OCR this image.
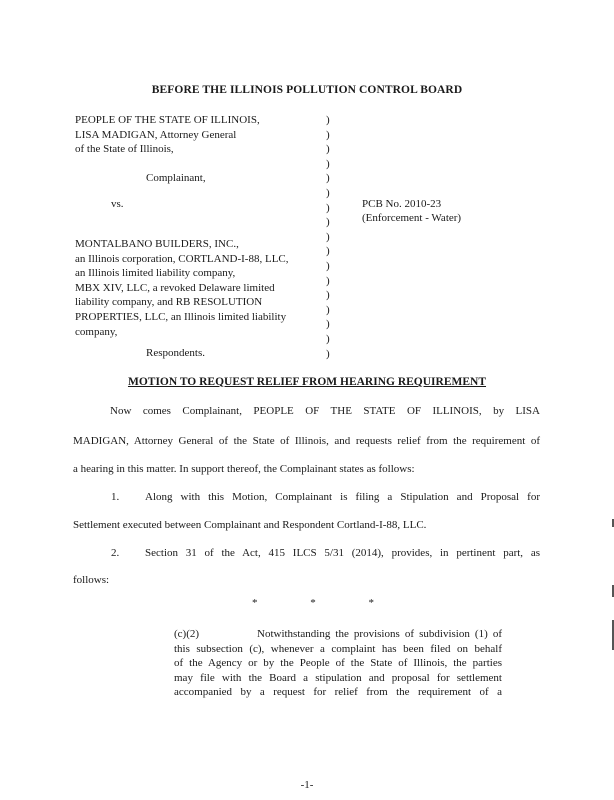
BEFORE THE ILLINOIS POLLUTION CONTROL BOARD
PEOPLE OF THE STATE OF ILLINOIS,
LISA MADIGAN, Attorney General
of the State of Illinois,
Complainant,
vs.
MONTALBANO BUILDERS, INC.,
an Illinois corporation, CORTLAND-I-88, LLC,
an Illinois limited liability company,
MBX XIV, LLC, a revoked Delaware limited
liability company, and RB RESOLUTION
PROPERTIES, LLC, an Illinois limited liability
company,
Respondents.
)
)
)
)
)
)
)
)
)
)
)
)
)
)
)
)
)
PCB No. 2010-23
(Enforcement - Water)
MOTION TO REQUEST RELIEF FROM HEARING REQUIREMENT
Now comes Complainant, PEOPLE OF THE STATE OF ILLINOIS, by LISA
MADIGAN, Attorney General of the State of Illinois, and requests relief from the requirement of
a hearing in this matter. In support thereof, the Complainant states as follows:
1. Along with this Motion, Complainant is filing a Stipulation and Proposal for
Settlement executed between Complainant and Respondent Cortland-I-88, LLC.
2. Section 31 of the Act, 415 ILCS 5/31 (2014), provides, in pertinent part, as
follows:
* * *
(c)(2)	Notwithstanding the provisions of subdivision (1) of
this subsection (c), whenever a complaint has been filed on behalf
of the Agency or by the People of the State of Illinois, the parties
may file with the Board a stipulation and proposal for settlement
accompanied by a request for relief from the requirement of a
-1-
